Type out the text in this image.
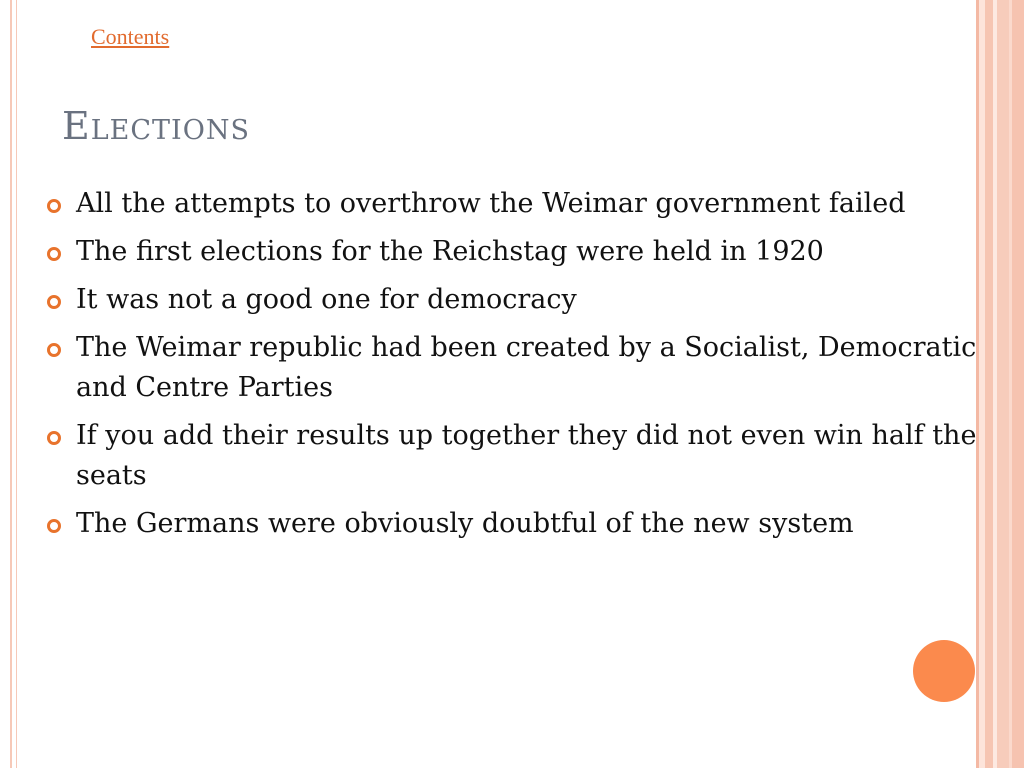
Contents
Elections
All the attempts to overthrow the Weimar government failed
The first elections for the Reichstag were held in 1920
It was not a good one for democracy
The Weimar republic had been created by a Socialist, Democratic and Centre Parties
If you add their results up together they did not even win half the seats
The Germans were obviously doubtful of the new system
